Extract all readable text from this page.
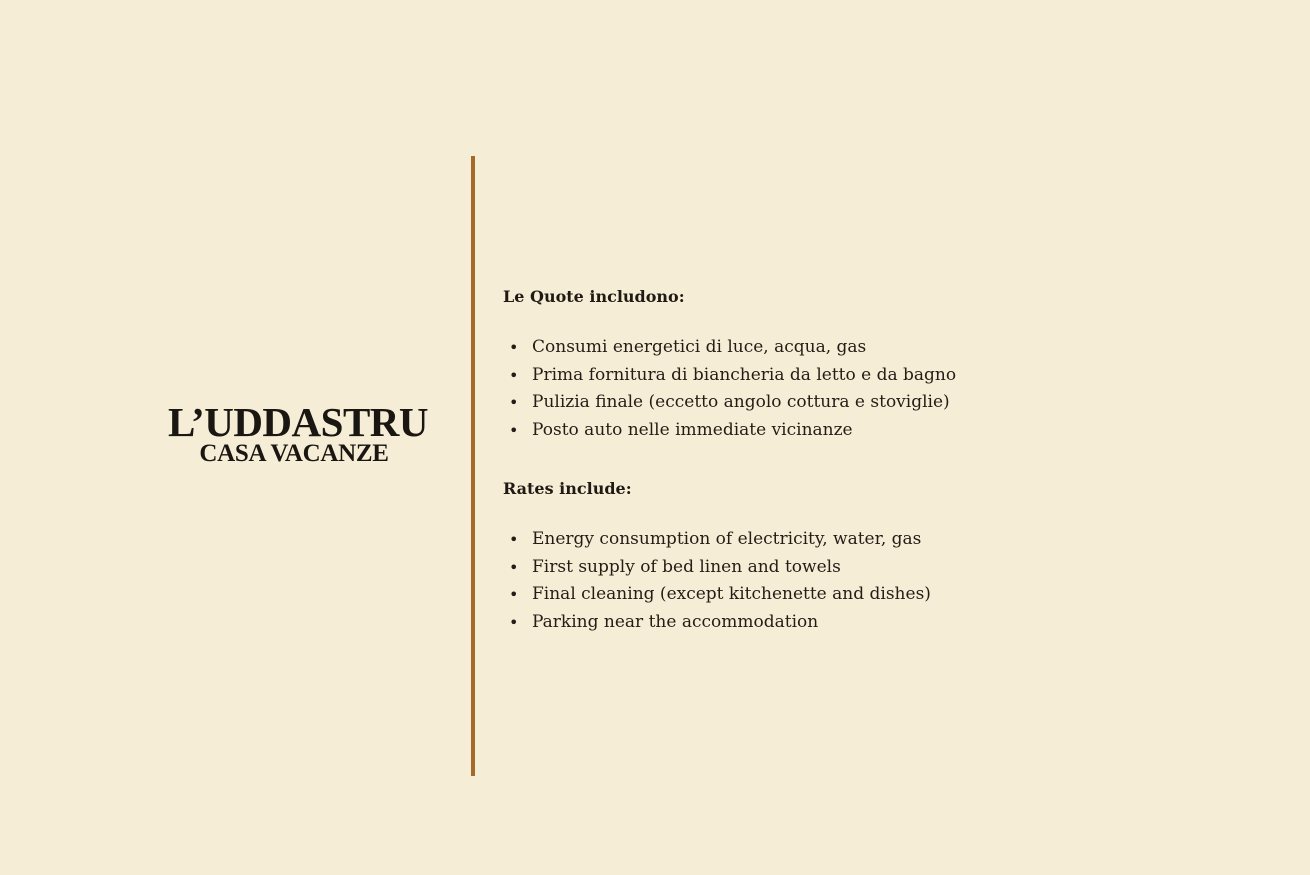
L’UDDASTRU
CASA VACANZE

Le Quote includono:

• Consumi energetici di luce, acqua, gas
• Prima fornitura di biancheria da letto e da bagno
• Pulizia finale (eccetto angolo cottura e stoviglie)
• Posto auto nelle immediate vicinanze

Rates include:

• Energy consumption of electricity, water, gas
• First supply of bed linen and towels
• Final cleaning (except kitchenette and dishes)
• Parking near the accommodation
